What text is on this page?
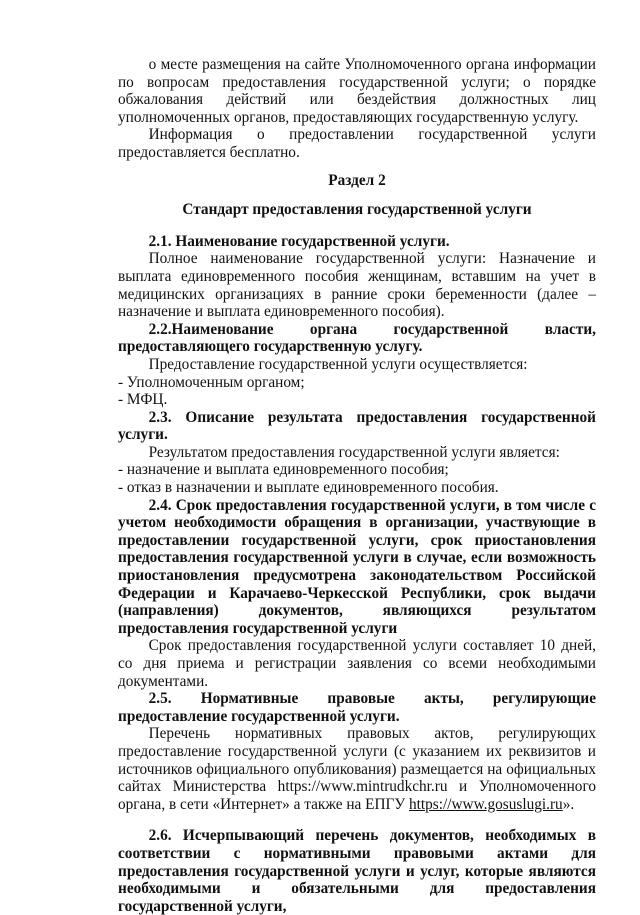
о месте размещения на сайте Уполномоченного органа информации по вопросам предоставления государственной услуги; о порядке обжалования действий или бездействия должностных лиц уполномоченных органов, предоставляющих государственную услугу.

Информация о предоставлении государственной услуги предоставляется бесплатно.

Раздел 2

Стандарт предоставления государственной услуги

2.1. Наименование государственной услуги.

Полное наименование государственной услуги: Назначение и выплата единовременного пособия женщинам, вставшим на учет в медицинских организациях в ранние сроки беременности (далее – назначение и выплата единовременного пособия).

2.2.Наименование органа государственной власти, предоставляющего государственную услугу.

Предоставление государственной услуги осуществляется:

- Уполномоченным органом;

- МФЦ.

2.3. Описание результата предоставления государственной услуги.

Результатом предоставления государственной услуги является:

- назначение и выплата единовременного пособия;

- отказ в назначении и выплате единовременного пособия.

2.4. Срок предоставления государственной услуги, в том числе с учетом необходимости обращения в организации, участвующие в предоставлении государственной услуги, срок приостановления предоставления государственной услуги в случае, если возможность приостановления предусмотрена законодательством Российской Федерации и Карачаево-Черкесской Республики, срок выдачи (направления) документов, являющихся результатом предоставления государственной услуги

Срок предоставления государственной услуги составляет 10 дней, со дня приема и регистрации заявления со всеми необходимыми документами.

2.5. Нормативные правовые акты, регулирующие предоставление государственной услуги.

Перечень нормативных правовых актов, регулирующих предоставление государственной услуги (с указанием их реквизитов и источников официального опубликования) размещается на официальных сайтах Министерства https://www.mintrudkchr.ru и Уполномоченного органа, в сети «Интернет» а также на ЕПГУ https://www.gosuslugi.ru».

2.6. Исчерпывающий перечень документов, необходимых в соответствии с нормативными правовыми актами для предоставления государственной услуги и услуг, которые являются необходимыми и обязательными для предоставления государственной услуги,
